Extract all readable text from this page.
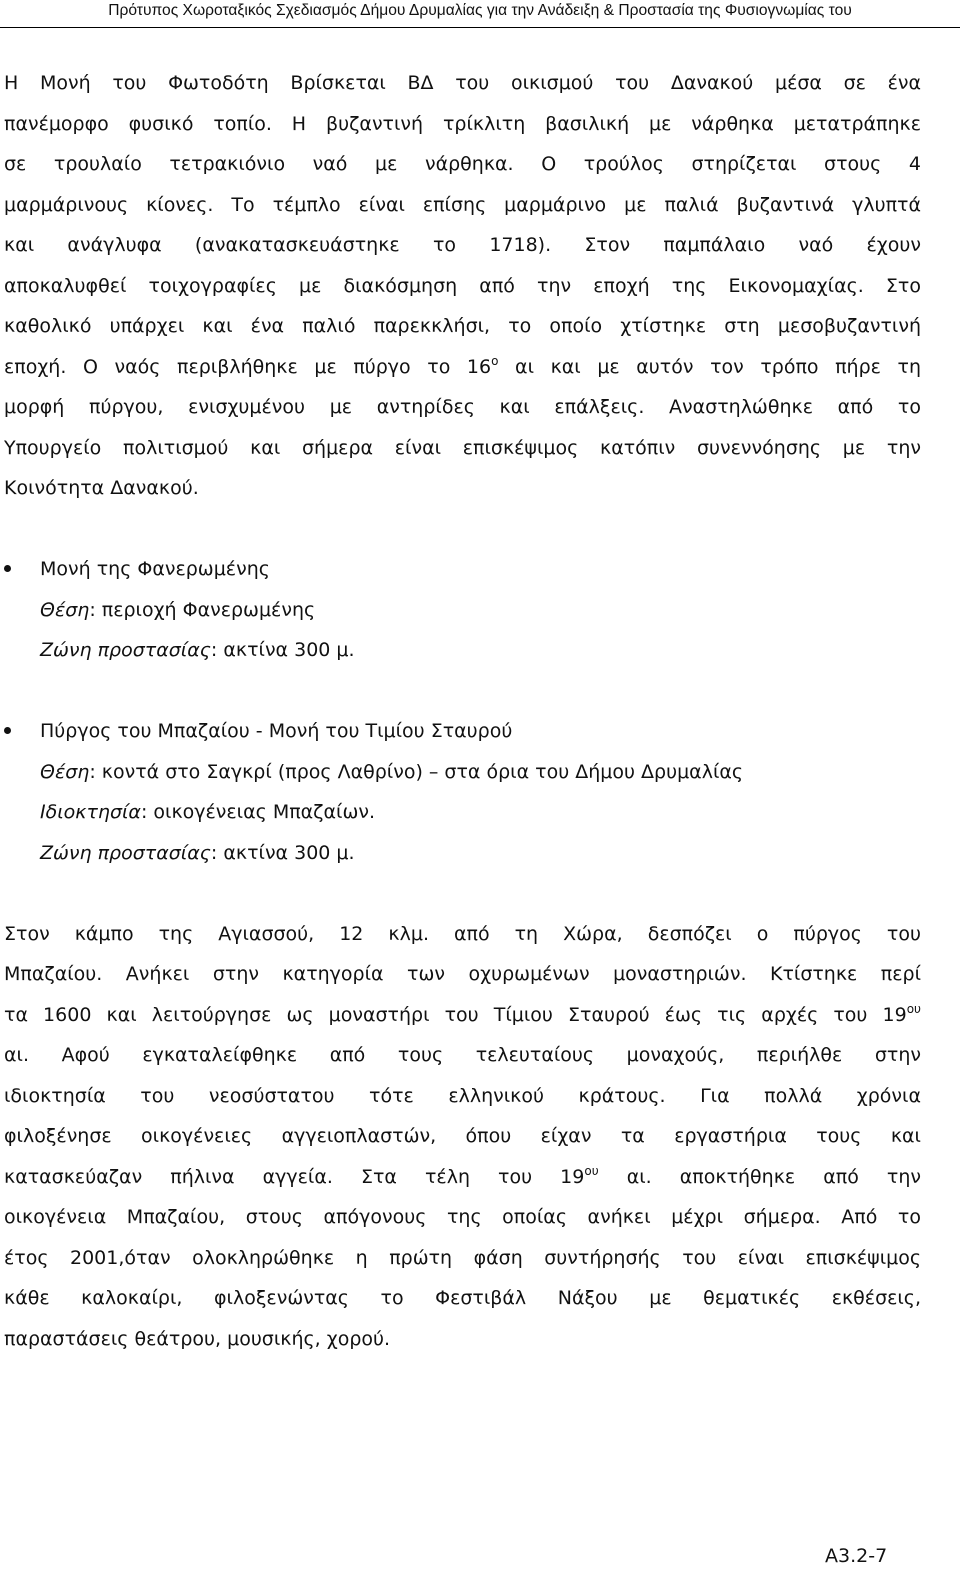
Πρότυπος Χωροταξικός Σχεδιασμός Δήμου Δρυμαλίας για την Ανάδειξη & Προστασία της Φυσιογνωμίας του

Η Μονή του Φωτοδότη Βρίσκεται ΒΔ του οικισμού του Δανακού μέσα σε ένα

πανέμορφο φυσικό τοπίο. Η βυζαντινή τρίκλιτη βασιλική με νάρθηκα μετατράπηκε

σε τρουλαίο τετρακιόνιο ναό με νάρθηκα. Ο τρούλος στηρίζεται στους 4

μαρμάρινους κίονες. Το τέμπλο είναι επίσης μαρμάρινο με παλιά βυζαντινά γλυπτά

και ανάγλυφα (ανακατασκευάστηκε το 1718). Στον παμπάλαιο ναό έχουν

αποκαλυφθεί τοιχογραφίες με διακόσμηση από την εποχή της Εικονομαχίας. Στο

καθολικό υπάρχει και ένα παλιό παρεκκλήσι, το οποίο χτίστηκε στη μεσοβυζαντινή

εποχή. Ο ναός περιβλήθηκε με πύργο το $16^o$ αι και με αυτόν τον τρόπο πήρε τη

μορφή πύργου, ενισχυμένου με αντηρίδες και επάλξεις. Αναστηλώθηκε από το

Υπουργείο πολιτισμού και σήμερα είναι επισκέψιμος κατόπιν συνεννόησης με την

Κοινότητα Δανακού.

Μονή της Φανερωμένης

Θέση: περιοχή Φανερωμένης

Ζώνη προστασίας: ακτίνα 300 μ.

Πύργος του Μπαζαίου - Μονή του Τιμίου Σταυρού

Θέση: κοντά στο Σαγκρί (προς Λαθρίνο) – στα όρια του Δήμου Δρυμαλίας

Ιδιοκτησία: οικογένειας Μπαζαίων.

Ζώνη προστασίας: ακτίνα 300 μ.

Στον κάμπο της Αγιασσού, 12 κλμ. από τη Χώρα, δεσπόζει ο πύργος του

Μπαζαίου. Ανήκει στην κατηγορία των οχυρωμένων μοναστηριών. Κτίστηκε περί

τα 1600 και λειτούργησε ως μοναστήρι του Τίμιου Σταυρού έως τις αρχές του $19^{o\upsilon}$

αι. Αφού εγκαταλείφθηκε από τους τελευταίους μοναχούς, περιήλθε στην

ιδιοκτησία του νεοσύστατου τότε ελληνικού κράτους. Για πολλά χρόνια

φιλοξένησε οικογένειες αγγειοπλαστών, όπου είχαν τα εργαστήρια τους και

κατασκεύαζαν πήλινα αγγεία. Στα τέλη του $19^{o\upsilon}$ αι. αποκτήθηκε από την

οικογένεια Μπαζαίου, στους απόγονους της οποίας ανήκει μέχρι σήμερα. Από το

έτος 2001,όταν ολοκληρώθηκε η πρώτη φάση συντήρησής του είναι επισκέψιμος

κάθε καλοκαίρι, φιλοξενώντας το Φεστιβάλ Νάξου με θεματικές εκθέσεις,

παραστάσεις θεάτρου, μουσικής, χορού.

Α3.2-7
